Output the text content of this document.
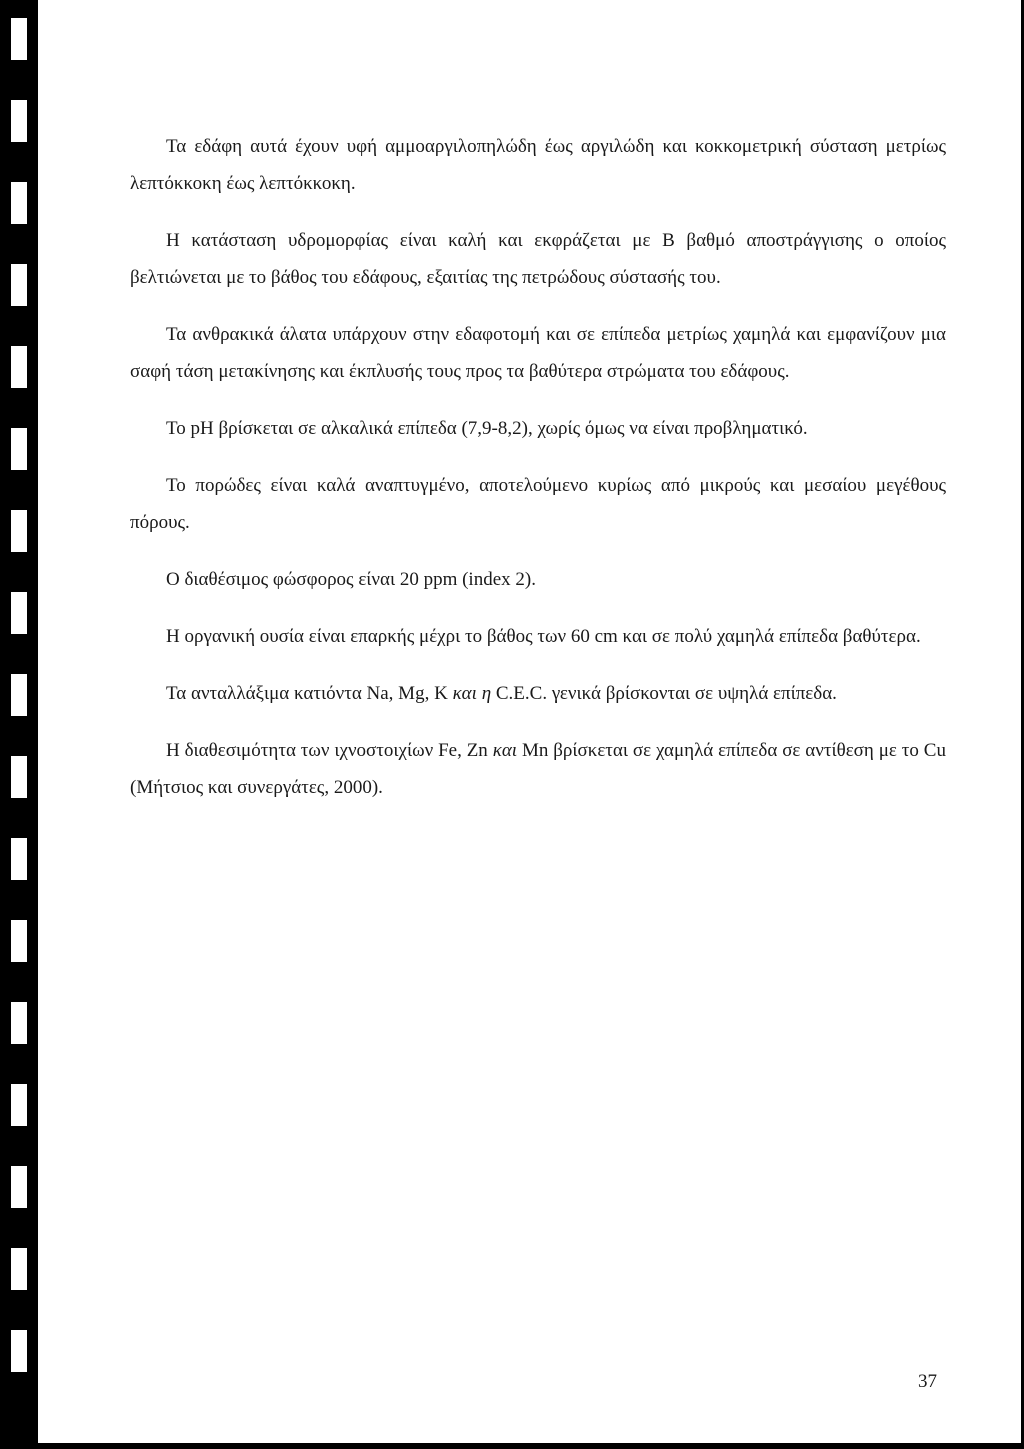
Τα εδάφη αυτά έχουν υφή αμμοαργιλοπηλώδη έως αργιλώδη και κοκκομετρική σύσταση μετρίως λεπτόκκοκη έως λεπτόκκοκη.

Η κατάσταση υδρομορφίας είναι καλή και εκφράζεται με Β βαθμό αποστράγγισης ο οποίος βελτιώνεται με το βάθος του εδάφους, εξαιτίας της πετρώδους σύστασής του.

Τα ανθρακικά άλατα υπάρχουν στην εδαφοτομή και σε επίπεδα μετρίως χαμηλά και εμφανίζουν μια σαφή τάση μετακίνησης και έκπλυσής τους προς τα βαθύτερα στρώματα του εδάφους.

Το pH βρίσκεται σε αλκαλικά επίπεδα (7,9-8,2), χωρίς όμως να είναι προβληματικό.

Το πορώδες είναι καλά αναπτυγμένο, αποτελούμενο κυρίως από μικρούς και μεσαίου μεγέθους πόρους.

Ο διαθέσιμος φώσφορος είναι 20 ppm (index 2).

Η οργανική ουσία είναι επαρκής μέχρι το βάθος των 60 cm και σε πολύ χαμηλά επίπεδα βαθύτερα.

Τα ανταλλάξιμα κατιόντα Na, Mg, K και η C.E.C. γενικά βρίσκονται σε υψηλά επίπεδα.

Η διαθεσιμότητα των ιχνοστοιχίων Fe, Zn και Mn βρίσκεται σε χαμηλά επίπεδα σε αντίθεση με το Cu (Μήτσιος και συνεργάτες, 2000).

37
